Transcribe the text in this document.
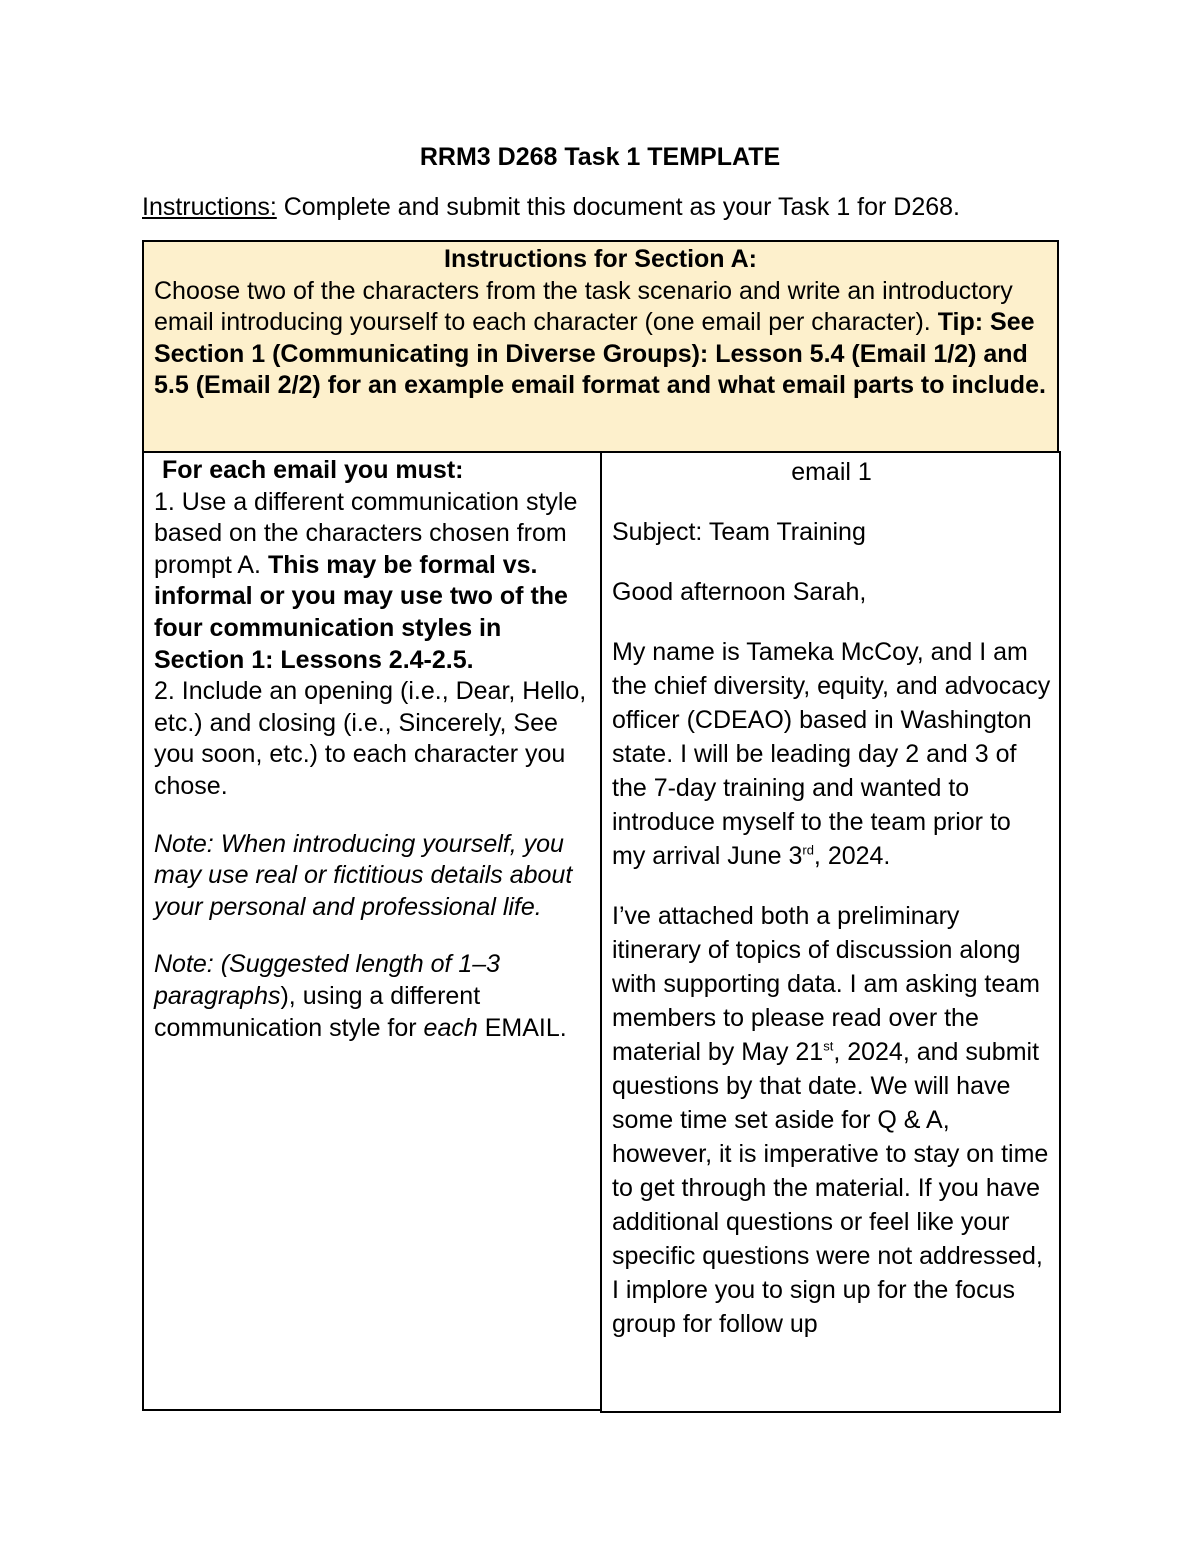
RRM3 D268 Task 1 TEMPLATE
Instructions: Complete and submit this document as your Task 1 for D268.
Instructions for Section A:

Choose two of the characters from the task scenario and write an introductory email introducing yourself to each character (one email per character). Tip: See Section 1 (Communicating in Diverse Groups): Lesson 5.4 (Email 1/2) and 5.5 (Email 2/2) for an example email format and what email parts to include.

For each email you must:

1. Use a different communication style based on the characters chosen from prompt A. This may be formal vs. informal or you may use two of the four communication styles in Section 1: Lessons 2.4-2.5.

2. Include an opening (i.e., Dear, Hello, etc.) and closing (i.e., Sincerely, See you soon, etc.) to each character you chose.

Note: When introducing yourself, you may use real or fictitious details about your personal and professional life.

Note: (Suggested length of 1–3 paragraphs), using a different communication style for each EMAIL.

email 1

Subject: Team Training

Good afternoon Sarah,

My name is Tameka McCoy, and I am the chief diversity, equity, and advocacy officer (CDEAO) based in Washington state. I will be leading day 2 and 3 of the 7-day training and wanted to introduce myself to the team prior to my arrival June 3rd, 2024.

I’ve attached both a preliminary itinerary of topics of discussion along with supporting data. I am asking team members to please read over the material by May 21st, 2024, and submit questions by that date. We will have some time set aside for Q & A, however, it is imperative to stay on time to get through the material. If you have additional questions or feel like your specific questions were not addressed, I implore you to sign up for the focus group for follow up
